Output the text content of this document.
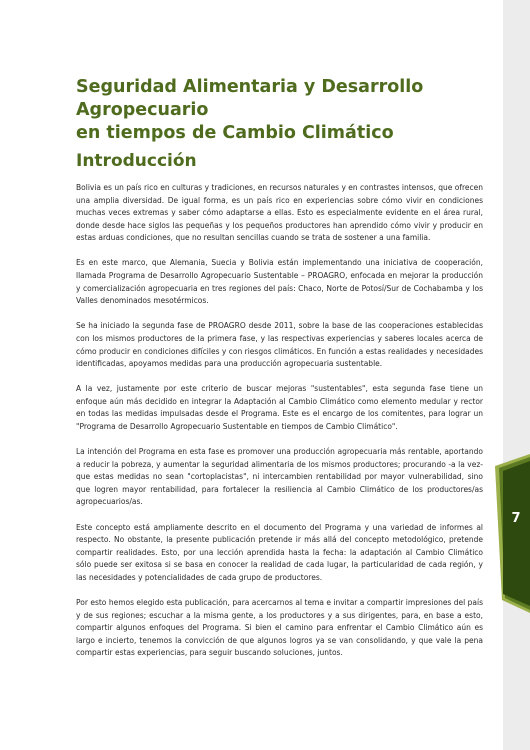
Seguridad Alimentaria y Desarrollo Agropecuario
en tiempos de Cambio Climático
Introducción

Bolivia es un país rico en culturas y tradiciones, en recursos naturales y en contrastes intensos, que ofrecen una amplia diversidad. De igual forma, es un país rico en experiencias sobre cómo vivir en condiciones muchas veces extremas y saber cómo adaptarse a ellas. Esto es especialmente evidente en el área rural, donde desde hace siglos las pequeñas y los pequeños productores han aprendido cómo vivir y producir en estas arduas condiciones, que no resultan sencillas cuando se trata de sostener a una familia.

Es en este marco, que Alemania, Suecia y Bolivia están implementando una iniciativa de cooperación, llamada Programa de Desarrollo Agropecuario Sustentable – PROAGRO, enfocada en mejorar la producción y comercialización agropecuaria en tres regiones del país: Chaco, Norte de Potosí/Sur de Cochabamba y los Valles denominados mesotérmicos.

Se ha iniciado la segunda fase de PROAGRO desde 2011, sobre la base de las cooperaciones establecidas con los mismos productores de la primera fase, y las respectivas experiencias y saberes locales acerca de cómo producir en condiciones difíciles y con riesgos climáticos. En función a estas realidades y necesidades identificadas, apoyamos medidas para una producción agropecuaria sustentable.

A la vez, justamente por este criterio de buscar mejoras "sustentables", esta segunda fase tiene un enfoque aún más decidido en integrar la Adaptación al Cambio Climático como elemento medular y rector en todas las medidas impulsadas desde el Programa. Este es el encargo de los comitentes, para lograr un "Programa de Desarrollo Agropecuario Sustentable en tiempos de Cambio Climático".

La intención del Programa en esta fase es promover una producción agropecuaria más rentable, aportando a reducir la pobreza, y aumentar la seguridad alimentaria de los mismos productores; procurando -a la vez- que estas medidas no sean "cortoplacistas", ni intercambien rentabilidad por mayor vulnerabilidad, sino que logren mayor rentabilidad, para fortalecer la resiliencia al Cambio Climático de los productores/as agropecuarios/as.

Este concepto está ampliamente descrito en el documento del Programa y una variedad de informes al respecto. No obstante, la presente publicación pretende ir más allá del concepto metodológico, pretende compartir realidades. Esto, por una lección aprendida hasta la fecha: la adaptación al Cambio Climático sólo puede ser exitosa si se basa en conocer la realidad de cada lugar, la particularidad de cada región, y las necesidades y potencialidades de cada grupo de productores.

Por esto hemos elegido esta publicación, para acercarnos al tema e invitar a compartir impresiones del país y de sus regiones; escuchar a la misma gente, a los productores y a sus dirigentes, para, en base a esto, compartir algunos enfoques del Programa. Si bien el camino para enfrentar el Cambio Climático aún es largo e incierto, tenemos la convicción de que algunos logros ya se van consolidando, y que vale la pena compartir estas experiencias, para seguir buscando soluciones, juntos.

7
